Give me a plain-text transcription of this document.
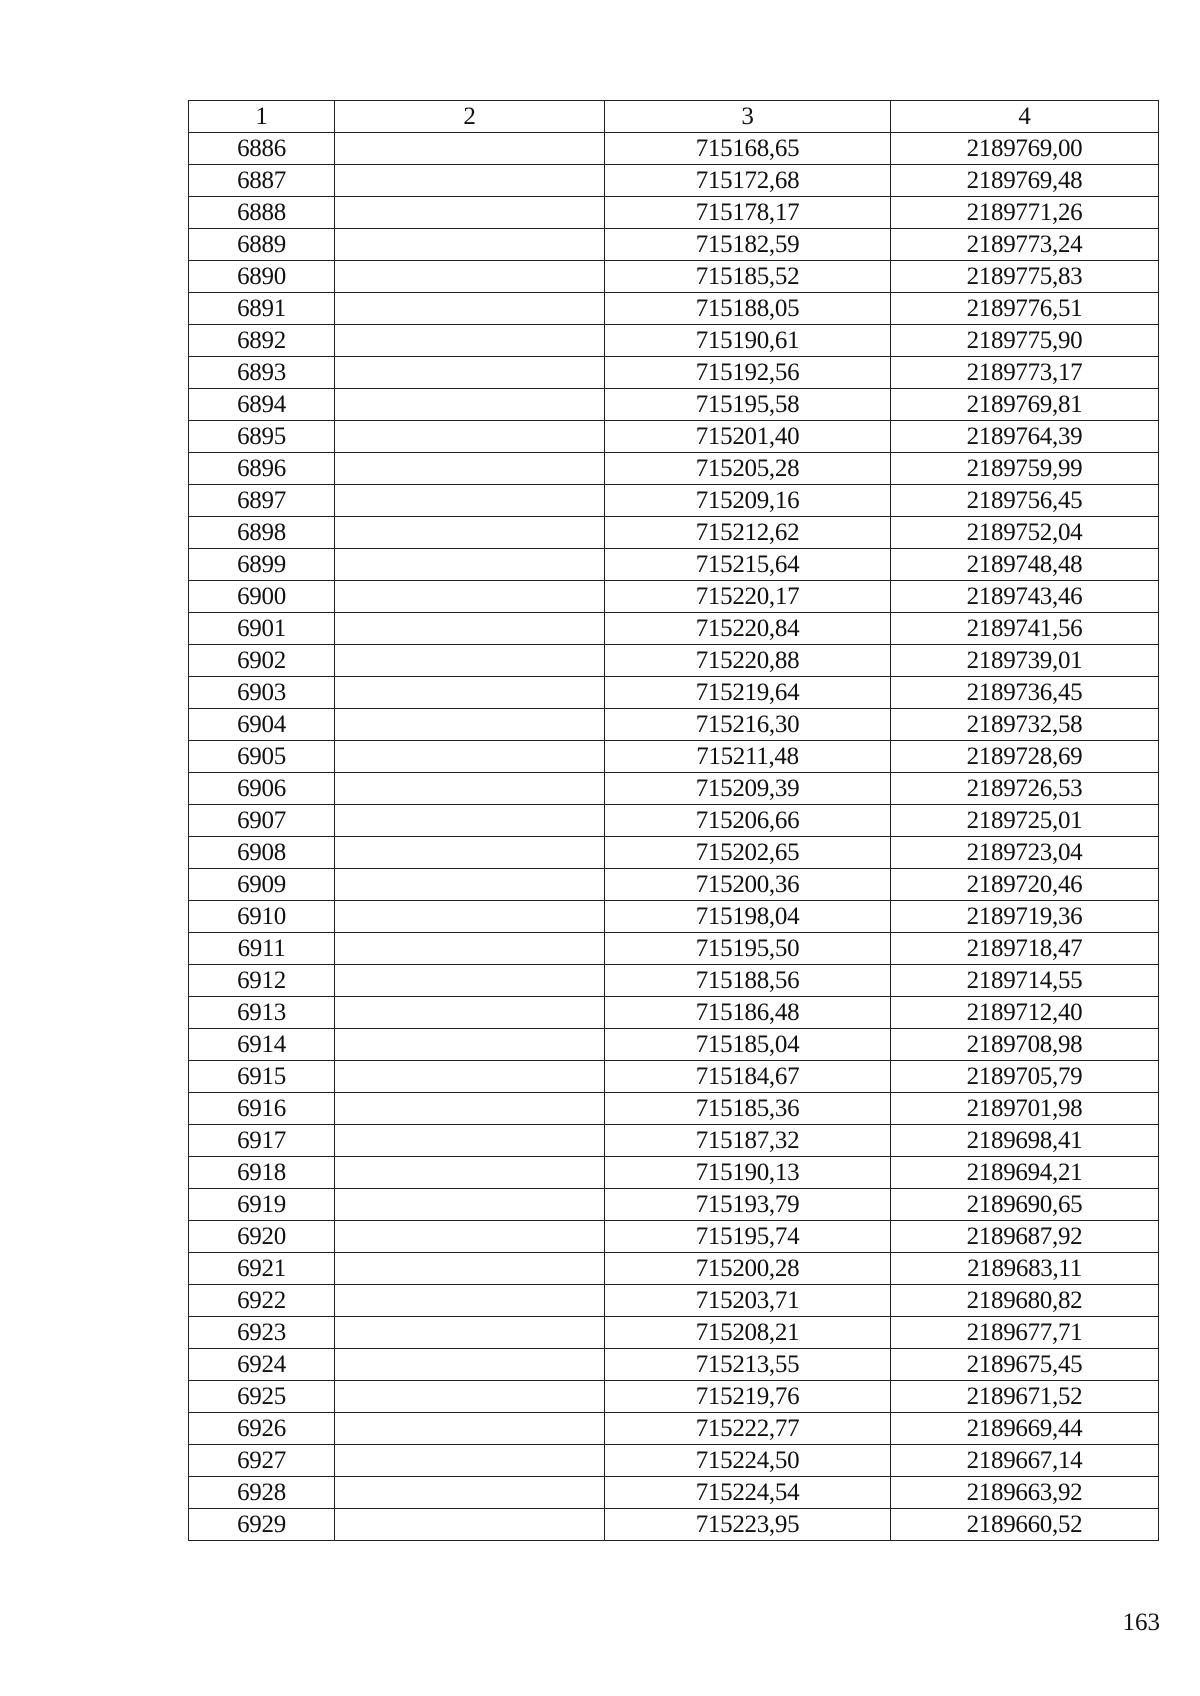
1	2	3	4
6886		715168,65	2189769,00
6887		715172,68	2189769,48
6888		715178,17	2189771,26
6889		715182,59	2189773,24
6890		715185,52	2189775,83
6891		715188,05	2189776,51
6892		715190,61	2189775,90
6893		715192,56	2189773,17
6894		715195,58	2189769,81
6895		715201,40	2189764,39
6896		715205,28	2189759,99
6897		715209,16	2189756,45
6898		715212,62	2189752,04
6899		715215,64	2189748,48
6900		715220,17	2189743,46
6901		715220,84	2189741,56
6902		715220,88	2189739,01
6903		715219,64	2189736,45
6904		715216,30	2189732,58
6905		715211,48	2189728,69
6906		715209,39	2189726,53
6907		715206,66	2189725,01
6908		715202,65	2189723,04
6909		715200,36	2189720,46
6910		715198,04	2189719,36
6911		715195,50	2189718,47
6912		715188,56	2189714,55
6913		715186,48	2189712,40
6914		715185,04	2189708,98
6915		715184,67	2189705,79
6916		715185,36	2189701,98
6917		715187,32	2189698,41
6918		715190,13	2189694,21
6919		715193,79	2189690,65
6920		715195,74	2189687,92
6921		715200,28	2189683,11
6922		715203,71	2189680,82
6923		715208,21	2189677,71
6924		715213,55	2189675,45
6925		715219,76	2189671,52
6926		715222,77	2189669,44
6927		715224,50	2189667,14
6928		715224,54	2189663,92
6929		715223,95	2189660,52
163
